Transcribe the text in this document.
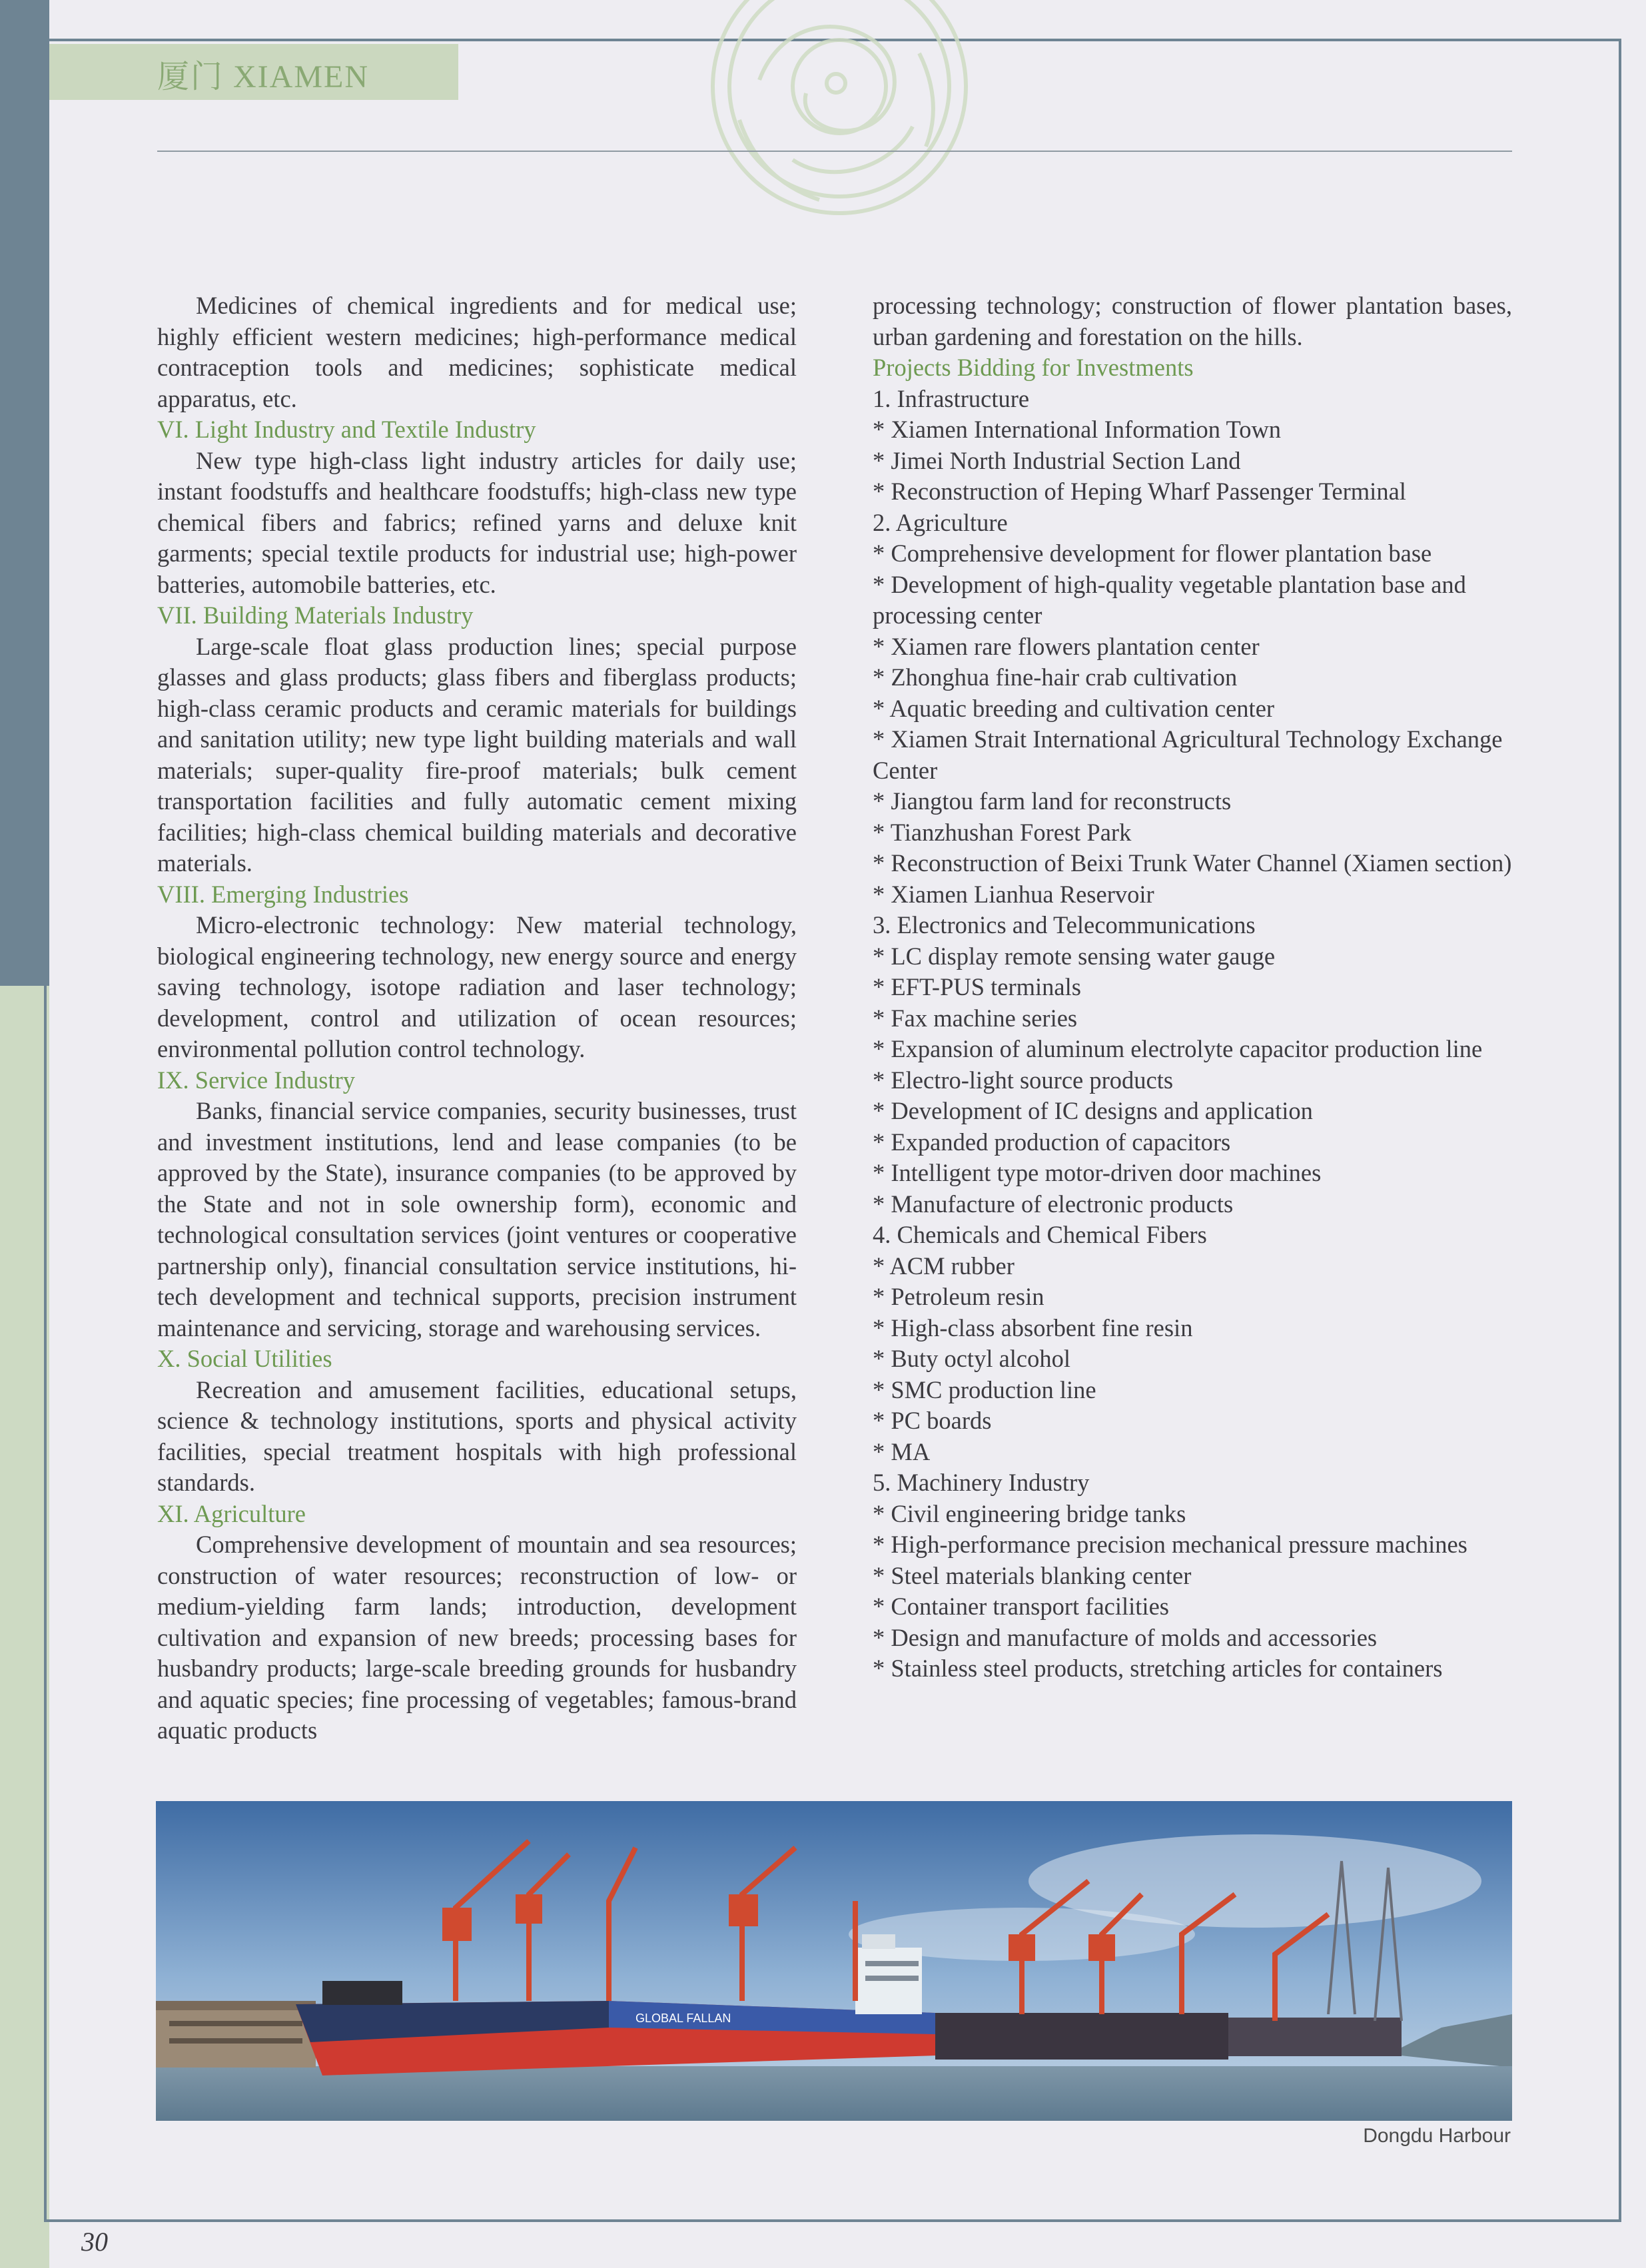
厦门 XIAMEN

Medicines of chemical ingredients and for medical use; highly efficient western medicines; high-performance medical contraception tools and medicines; sophisticate medical apparatus, etc.

VI. Light Industry and Textile Industry

New type high-class light industry articles for daily use; instant foodstuffs and healthcare foodstuffs; high-class new type chemical fibers and fabrics; refined yarns and deluxe knit garments; special textile products for industrial use; high-power batteries, automobile batteries, etc.

VII. Building Materials Industry

Large-scale float glass production lines; special purpose glasses and glass products; glass fibers and fiberglass products; high-class ceramic products and ceramic materials for buildings and sanitation utility; new type light building materials and wall materials; super-quality fire-proof materials; bulk cement transportation facilities and fully automatic cement mixing facilities; high-class chemical building materials and decorative materials.

VIII. Emerging Industries

Micro-electronic technology: New material technology, biological engineering technology, new energy source and energy saving technology, isotope radiation and laser technology; development, control and utilization of ocean resources; environmental pollution control technology.

IX. Service Industry

Banks, financial service companies, security businesses, trust and investment institutions, lend and lease companies (to be approved by the State), insurance companies (to be approved by the State and not in sole ownership form), economic and technological consultation services (joint ventures or cooperative partnership only), financial consultation service institutions, hi-tech development and technical supports, precision instrument maintenance and servicing, storage and warehousing services.

X. Social Utilities

Recreation and amusement facilities, educational setups, science & technology institutions, sports and physical activity facilities, special treatment hospitals with high professional standards.

XI. Agriculture

Comprehensive development of mountain and sea resources; construction of water resources; reconstruction of low- or medium-yielding farm lands; introduction, development cultivation and expansion of new breeds; processing bases for husbandry products; large-scale breeding grounds for husbandry and aquatic species; fine processing of vegetables; famous-brand aquatic products

processing technology; construction of flower plantation bases, urban gardening and forestation on the hills.

Projects Bidding for Investments

1. Infrastructure

* Xiamen International Information Town

* Jimei North Industrial Section Land

* Reconstruction of Heping Wharf Passenger Terminal

2. Agriculture

* Comprehensive development for flower plantation base

* Development of high-quality vegetable plantation base and processing center

* Xiamen rare flowers plantation center

* Zhonghua fine-hair crab cultivation

* Aquatic breeding and cultivation center

* Xiamen Strait International Agricultural Technology Exchange Center

* Jiangtou farm land for reconstructs

* Tianzhushan Forest Park

* Reconstruction of Beixi Trunk Water Channel (Xiamen section)

* Xiamen Lianhua Reservoir

3. Electronics and Telecommunications

* LC display remote sensing water gauge

* EFT-PUS terminals

* Fax machine series

* Expansion of aluminum electrolyte capacitor production line

* Electro-light source products

* Development of IC designs and application

* Expanded production of capacitors

* Intelligent type motor-driven door machines

* Manufacture of electronic products

4. Chemicals and Chemical Fibers

* ACM rubber

* Petroleum resin

* High-class absorbent fine resin

* Buty octyl alcohol

* SMC production line

* PC boards

* MA

5. Machinery Industry

* Civil engineering bridge tanks

* High-performance precision mechanical pressure machines

* Steel materials blanking center

* Container transport facilities

* Design and manufacture of molds and accessories

* Stainless steel products, stretching articles for containers

GLOBAL FALLAN
Dongdu Harbour
30
